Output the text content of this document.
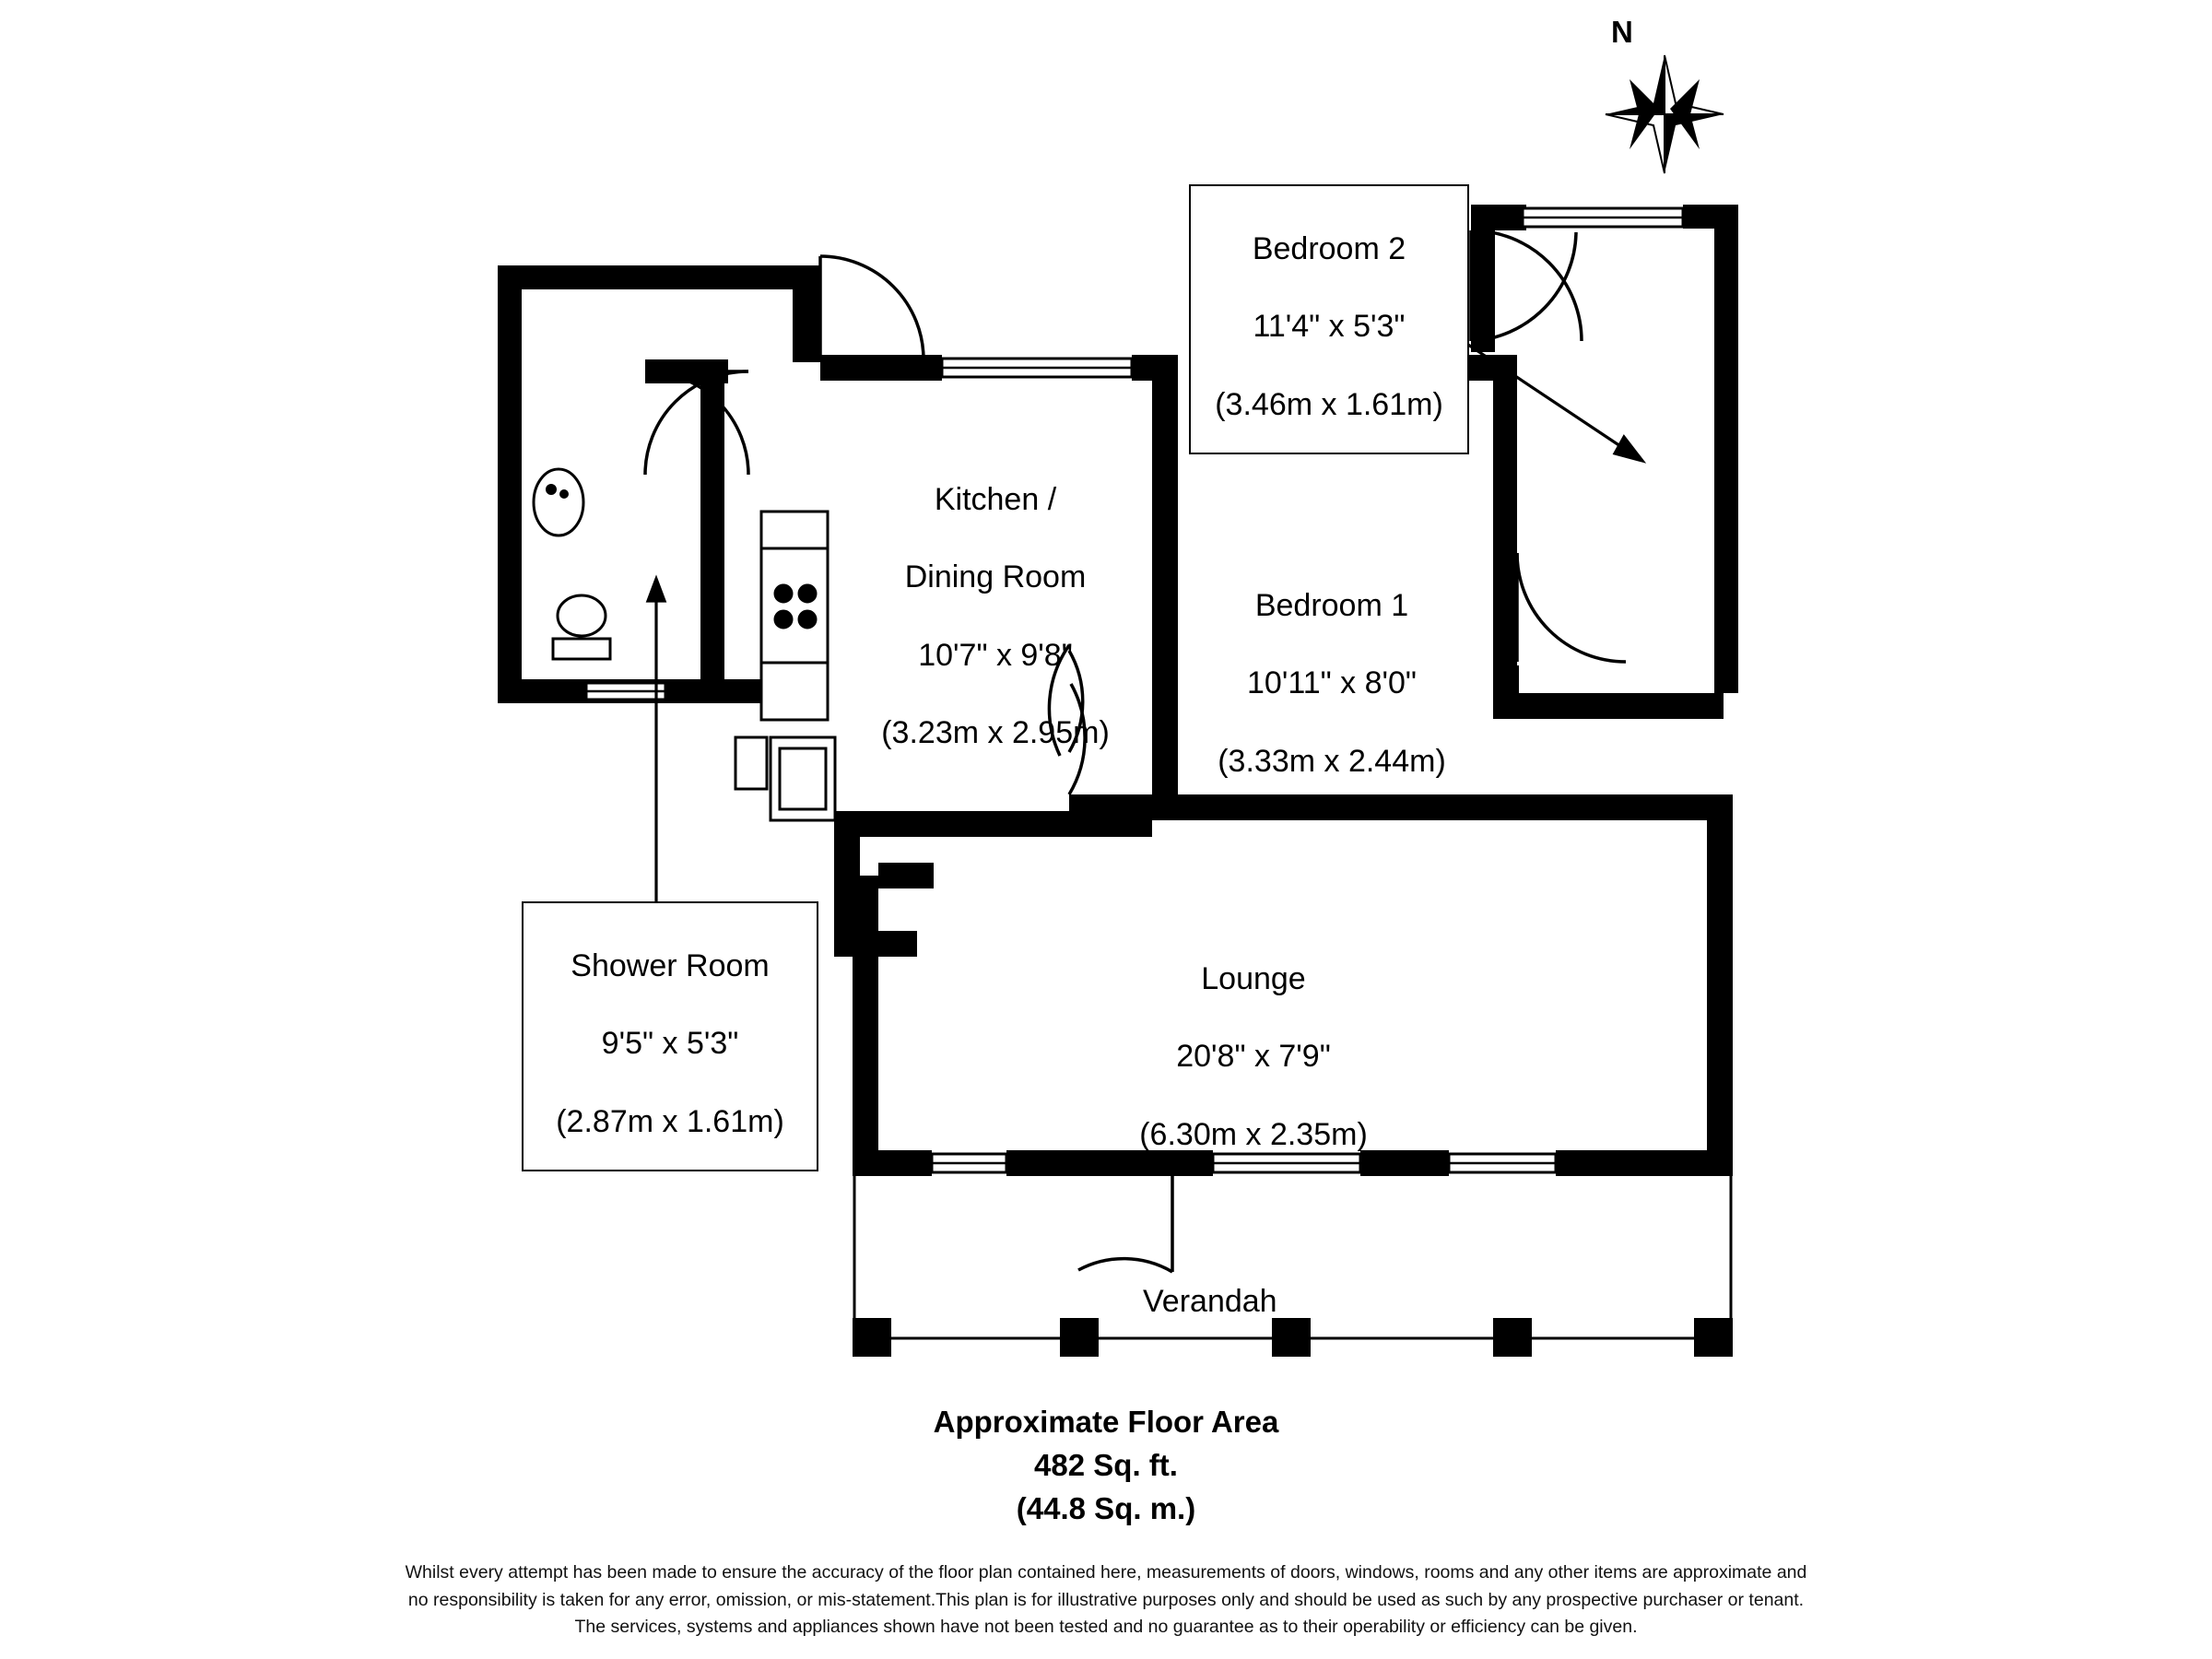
Bedroom 2

11'4" x 5'3"

(3.46m x 1.61m)

Kitchen /

Dining Room

10'7" x 9'8"

(3.23m x 2.95m)

Bedroom 1

10'11" x 8'0"

(3.33m x 2.44m)

Shower Room

9'5" x 5'3"

(2.87m x 1.61m)

Lounge

20'8" x 7'9"

(6.30m x 2.35m)

Verandah

N
Approximate Floor Area
482 Sq. ft.
(44.8 Sq. m.)
Whilst every attempt has been made to ensure the accuracy of the floor plan contained here, measurements of doors, windows, rooms and any other items are approximate and
no responsibility is taken for any error, omission, or mis-statement.This plan is for illustrative purposes only and should be used as such by any prospective purchaser or tenant.
The services, systems and appliances shown have not been tested and no guarantee as to their operability or efficiency can be given.
